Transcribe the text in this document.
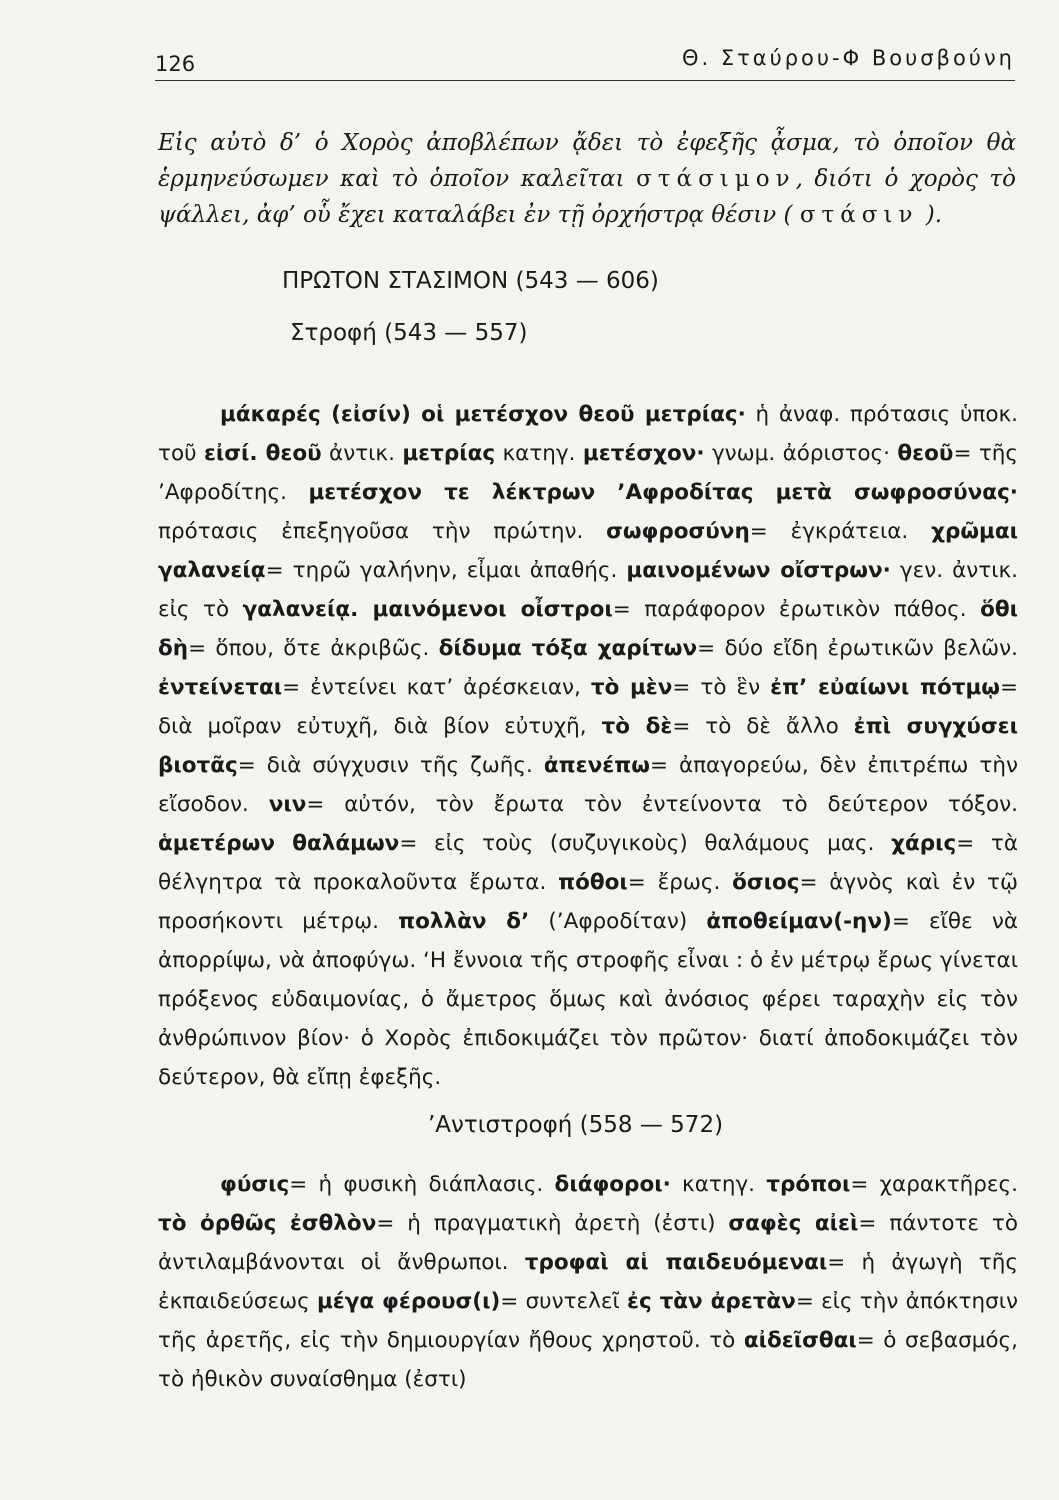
126	Θ. Σταύρου-Φ Βουσβούνη
Εἰς αὐτὸ δ’ ὁ Χορὸς ἀποβλέπων ᾄδει τὸ ἐφεξῆς ᾆσμα, τὸ ὁποῖον θὰ ἑρμηνεύσωμεν καὶ τὸ ὁποῖον καλεῖται στάσιμον, διότι ὁ χορὸς τὸ ψάλλει, ἀφ’ οὗ ἔχει καταλάβει ἐν τῇ ὀρχήστρᾳ θέσιν ( στάσιν ).
ΠΡΩΤΟΝ ΣΤΑΣΙΜΟΝ (543 — 606)
Στροφή (543 — 557)
μάκαρές (εἰσίν) οἱ μετέσχον θεοῦ μετρίας· ἡ ἀναφ. πρότασις ὑποκ. τοῦ εἰσί. θεοῦ ἀντικ. μετρίας κατηγ. μετέσχον· γνωμ. ἀόριστος· θεοῦ= τῆς ’Αφροδίτης. μετέσχον τε λέκτρων ’Αφροδίτας μετὰ σωφροσύνας· πρότασις ἐπεξηγοῦσα τὴν πρώτην. σωφροσύνη= ἐγκράτεια. χρῶμαι γαλανείᾳ= τηρῶ γαλήνην, εἶμαι ἀπαθής. μαινομένων οἴστρων· γεν. ἀντικ. εἰς τὸ γαλανείᾳ. μαινόμενοι οἶστροι= παράφορον ἐρωτικὸν πάθος. ὅθι δὴ= ὅπου, ὅτε ἀκριβῶς. δίδυμα τόξα χαρίτων= δύο εἴδη ἐρωτικῶν βελῶν. ἐντείνεται= ἐντείνει κατ’ ἀρέσκειαν, τὸ μὲν= τὸ ἓν ἐπ’ εὐαίωνι πότμῳ= διὰ μοῖραν εὐτυχῆ, διὰ βίον εὐτυχῆ, τὸ δὲ= τὸ δὲ ἄλλο ἐπὶ συγχύσει βιοτᾶς= διὰ σύγχυσιν τῆς ζωῆς. ἀπενέπω= ἀπαγορεύω, δὲν ἐπιτρέπω τὴν εἴσοδον. νιν= αὐτόν, τὸν ἔρωτα τὸν ἐντείνοντα τὸ δεύτερον τόξον. ἁμετέρων θαλάμων= εἰς τοὺς (συζυγικοὺς) θαλάμους μας. χάρις= τὰ θέλγητρα τὰ προκαλοῦντα ἔρωτα. πόθοι= ἔρως. ὅσιος= ἁγνὸς καὶ ἐν τῷ προσήκοντι μέτρῳ. πολλὰν δ’ (’Αφροδίταν) ἀποθείμαν(-ην)= εἴθε νὰ ἀπορρίψω, νὰ ἀποφύγω. ‘Η ἔννοια τῆς στροφῆς εἶναι : ὁ ἐν μέτρῳ ἔρως γίνεται πρόξενος εὐδαιμονίας, ὁ ἄμετρος ὅμως καὶ ἀνόσιος φέρει ταραχὴν εἰς τὸν ἀνθρώπινον βίον· ὁ Χορὸς ἐπιδοκιμάζει τὸν πρῶτον· διατί ἀποδοκιμάζει τὸν δεύτερον, θὰ εἴπῃ ἐφεξῆς.
’Αντιστροφή (558 — 572)
φύσις= ἡ φυσικὴ διάπλασις. διάφοροι· κατηγ. τρόποι= χαρακτῆρες. τὸ ὀρθῶς ἐσθλὸν= ἡ πραγματικὴ ἀρετὴ (ἐστι) σαφὲς αἰεὶ= πάντοτε τὸ ἀντιλαμβάνονται οἱ ἄνθρωποι. τροφαὶ αἱ παιδευόμεναι= ἡ ἀγωγὴ τῆς ἐκπαιδεύσεως μέγα φέρουσ(ι)= συντελεῖ ἐς τὰν ἀρετὰν= εἰς τὴν ἀπόκτησιν τῆς ἀρετῆς, εἰς τὴν δημιουργίαν ἤθους χρηστοῦ. τὸ αἰδεῖσθαι= ὁ σεβασμός, τὸ ἠθικὸν συναίσθημα (ἐστι)
